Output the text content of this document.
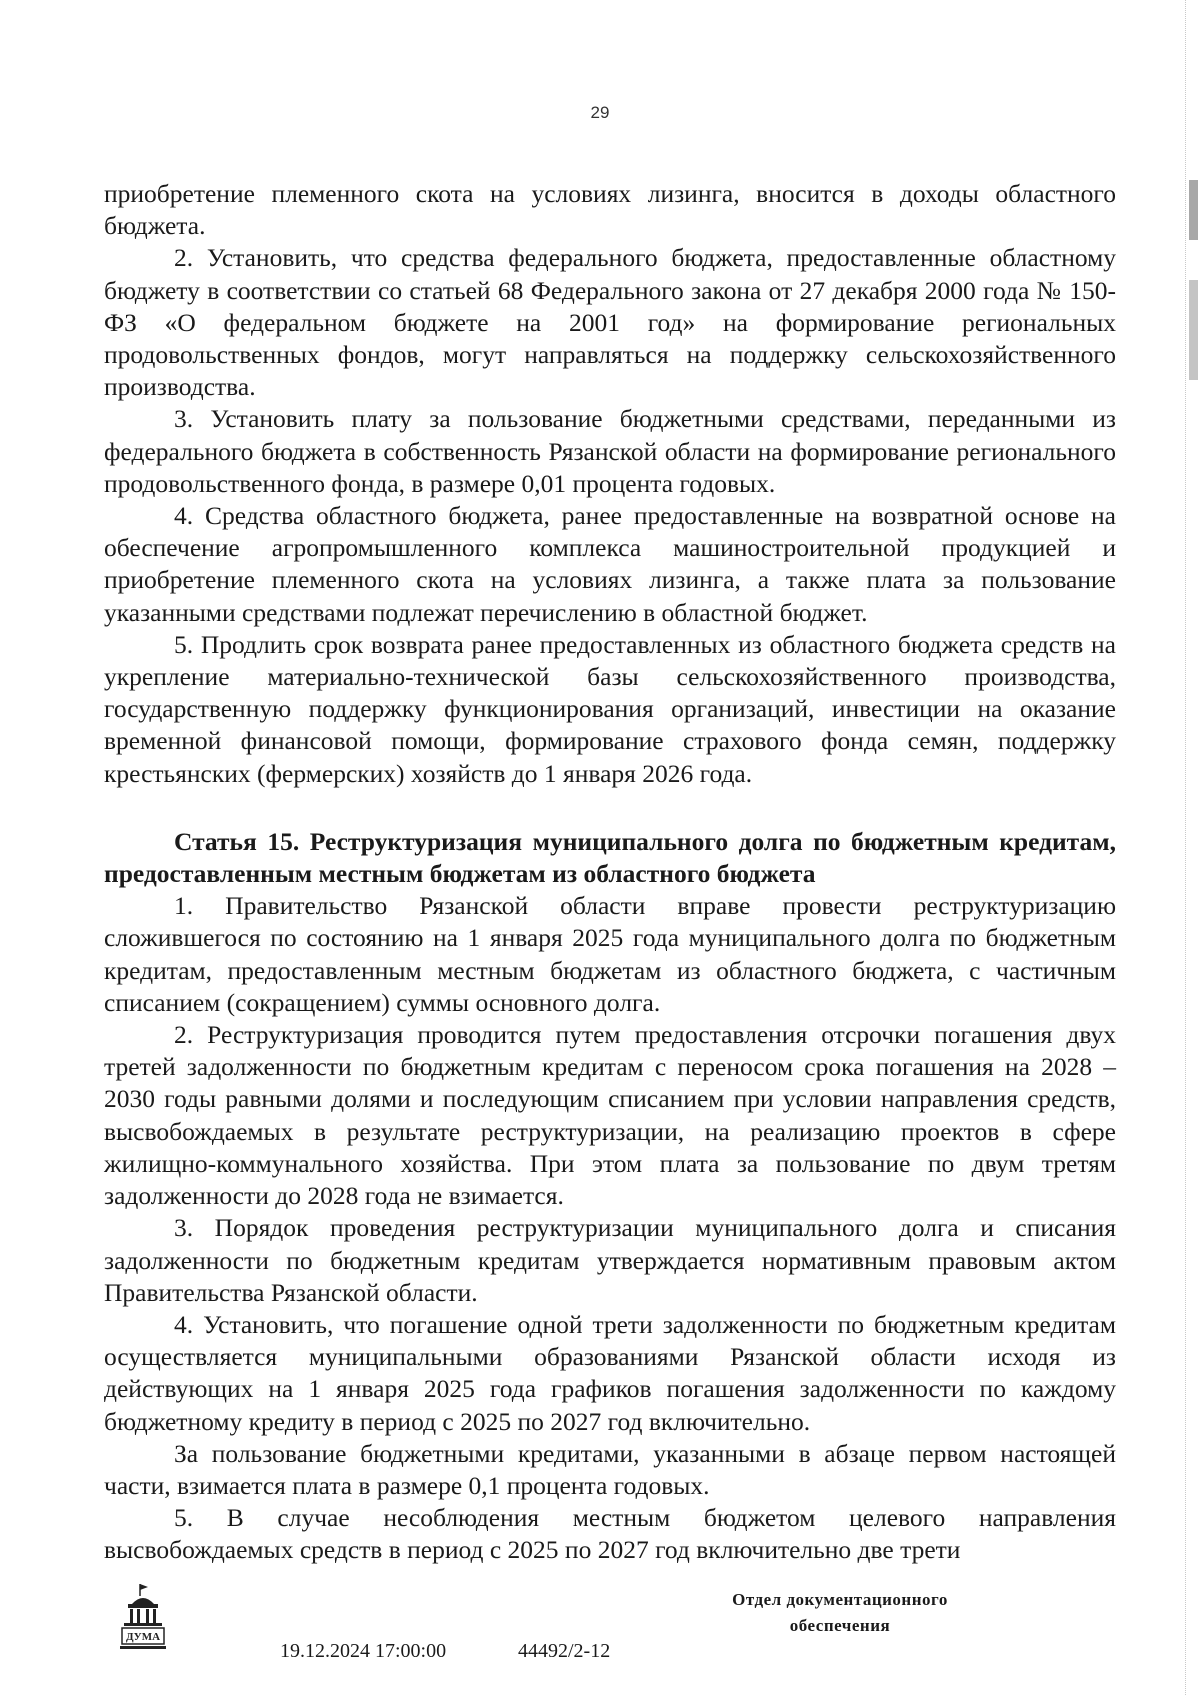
29

приобретение племенного скота на условиях лизинга, вносится в доходы областного бюджета.

2. Установить, что средства федерального бюджета, предоставленные областному бюджету в соответствии со статьей 68 Федерального закона от 27 декабря 2000 года № 150-ФЗ «О федеральном бюджете на 2001 год» на формирование региональных продовольственных фондов, могут направляться на поддержку сельскохозяйственного производства.

3. Установить плату за пользование бюджетными средствами, переданными из федерального бюджета в собственность Рязанской области на формирование регионального продовольственного фонда, в размере 0,01 процента годовых.

4. Средства областного бюджета, ранее предоставленные на возвратной основе на обеспечение агропромышленного комплекса машиностроительной продукцией и приобретение племенного скота на условиях лизинга, а также плата за пользование указанными средствами подлежат перечислению в областной бюджет.

5. Продлить срок возврата ранее предоставленных из областного бюджета средств на укрепление материально-технической базы сельскохозяйственного производства, государственную поддержку функционирования организаций, инвестиции на оказание временной финансовой помощи, формирование страхового фонда семян, поддержку крестьянских (фермерских) хозяйств до 1 января 2026 года.

Статья 15. Реструктуризация муниципального долга по бюджетным кредитам, предоставленным местным бюджетам из областного бюджета

1. Правительство Рязанской области вправе провести реструктуризацию сложившегося по состоянию на 1 января 2025 года муниципального долга по бюджетным кредитам, предоставленным местным бюджетам из областного бюджета, с частичным списанием (сокращением) суммы основного долга.

2. Реструктуризация проводится путем предоставления отсрочки погашения двух третей задолженности по бюджетным кредитам с переносом срока погашения на 2028 – 2030 годы равными долями и последующим списанием при условии направления средств, высвобождаемых в результате реструктуризации, на реализацию проектов в сфере жилищно-коммунального хозяйства. При этом плата за пользование по двум третям задолженности до 2028 года не взимается.

3. Порядок проведения реструктуризации муниципального долга и списания задолженности по бюджетным кредитам утверждается нормативным правовым актом Правительства Рязанской области.

4. Установить, что погашение одной трети задолженности по бюджетным кредитам осуществляется муниципальными образованиями Рязанской области исходя из действующих на 1 января 2025 года графиков погашения задолженности по каждому бюджетному кредиту в период с 2025 по 2027 год включительно.

За пользование бюджетными кредитами, указанными в абзаце первом настоящей части, взимается плата в размере 0,1 процента годовых.

5. В случае несоблюдения местным бюджетом целевого направления высвобождаемых средств в период с 2025 по 2027 год включительно две трети

ДУМА
19.12.2024 17:00:00	44492/2-12
Отдел документационного
обеспечения
